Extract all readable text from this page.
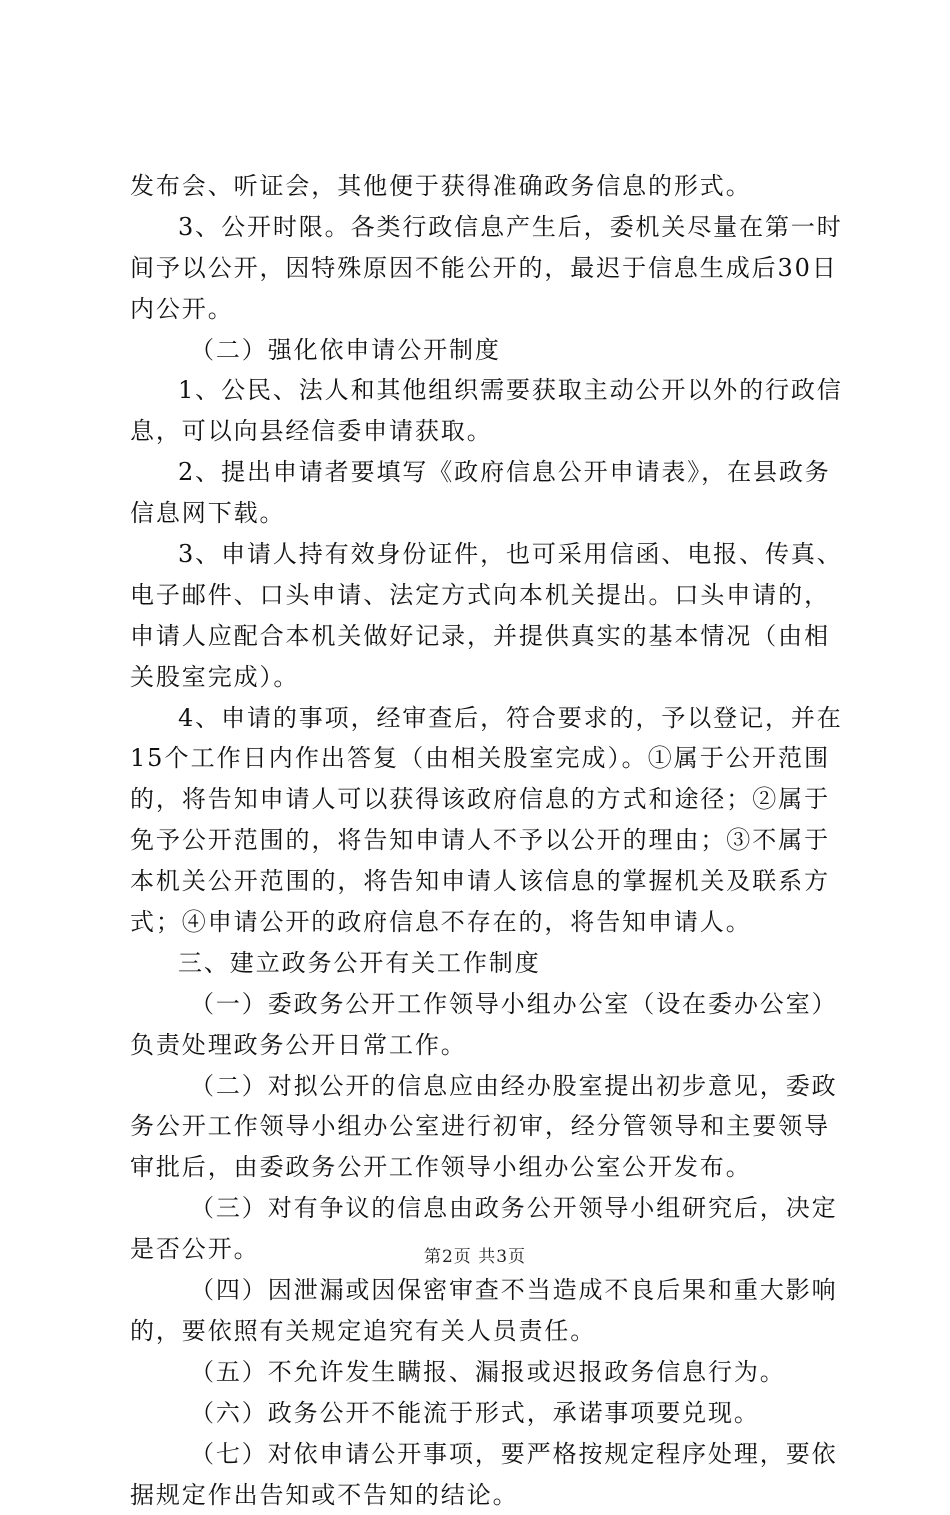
发布会、听证会，其他便于获得准确政务信息的形式。
3、公开时限。各类行政信息产生后，委机关尽量在第一时
间予以公开，因特殊原因不能公开的，最迟于信息生成后30日
内公开。
（二）强化依申请公开制度
1、公民、法人和其他组织需要获取主动公开以外的行政信
息，可以向县经信委申请获取。
2、提出申请者要填写《政府信息公开申请表》，在县政务
信息网下载。
3、申请人持有效身份证件，也可采用信函、电报、传真、
电子邮件、口头申请、法定方式向本机关提出。口头申请的，
申请人应配合本机关做好记录，并提供真实的基本情况（由相
关股室完成）。
4、申请的事项，经审查后，符合要求的，予以登记，并在
15个工作日内作出答复（由相关股室完成）。①属于公开范围
的，将告知申请人可以获得该政府信息的方式和途径；②属于
免予公开范围的，将告知申请人不予以公开的理由；③不属于
本机关公开范围的，将告知申请人该信息的掌握机关及联系方
式；④申请公开的政府信息不存在的，将告知申请人。
三、建立政务公开有关工作制度
（一）委政务公开工作领导小组办公室（设在委办公室）
负责处理政务公开日常工作。
（二）对拟公开的信息应由经办股室提出初步意见，委政
务公开工作领导小组办公室进行初审，经分管领导和主要领导
审批后，由委政务公开工作领导小组办公室公开发布。
（三）对有争议的信息由政务公开领导小组研究后，决定
是否公开。
（四）因泄漏或因保密审查不当造成不良后果和重大影响
的，要依照有关规定追究有关人员责任。
（五）不允许发生瞒报、漏报或迟报政务信息行为。
（六）政务公开不能流于形式，承诺事项要兑现。
（七）对依申请公开事项，要严格按规定程序处理，要依
据规定作出告知或不告知的结论。
第2页 共3页
